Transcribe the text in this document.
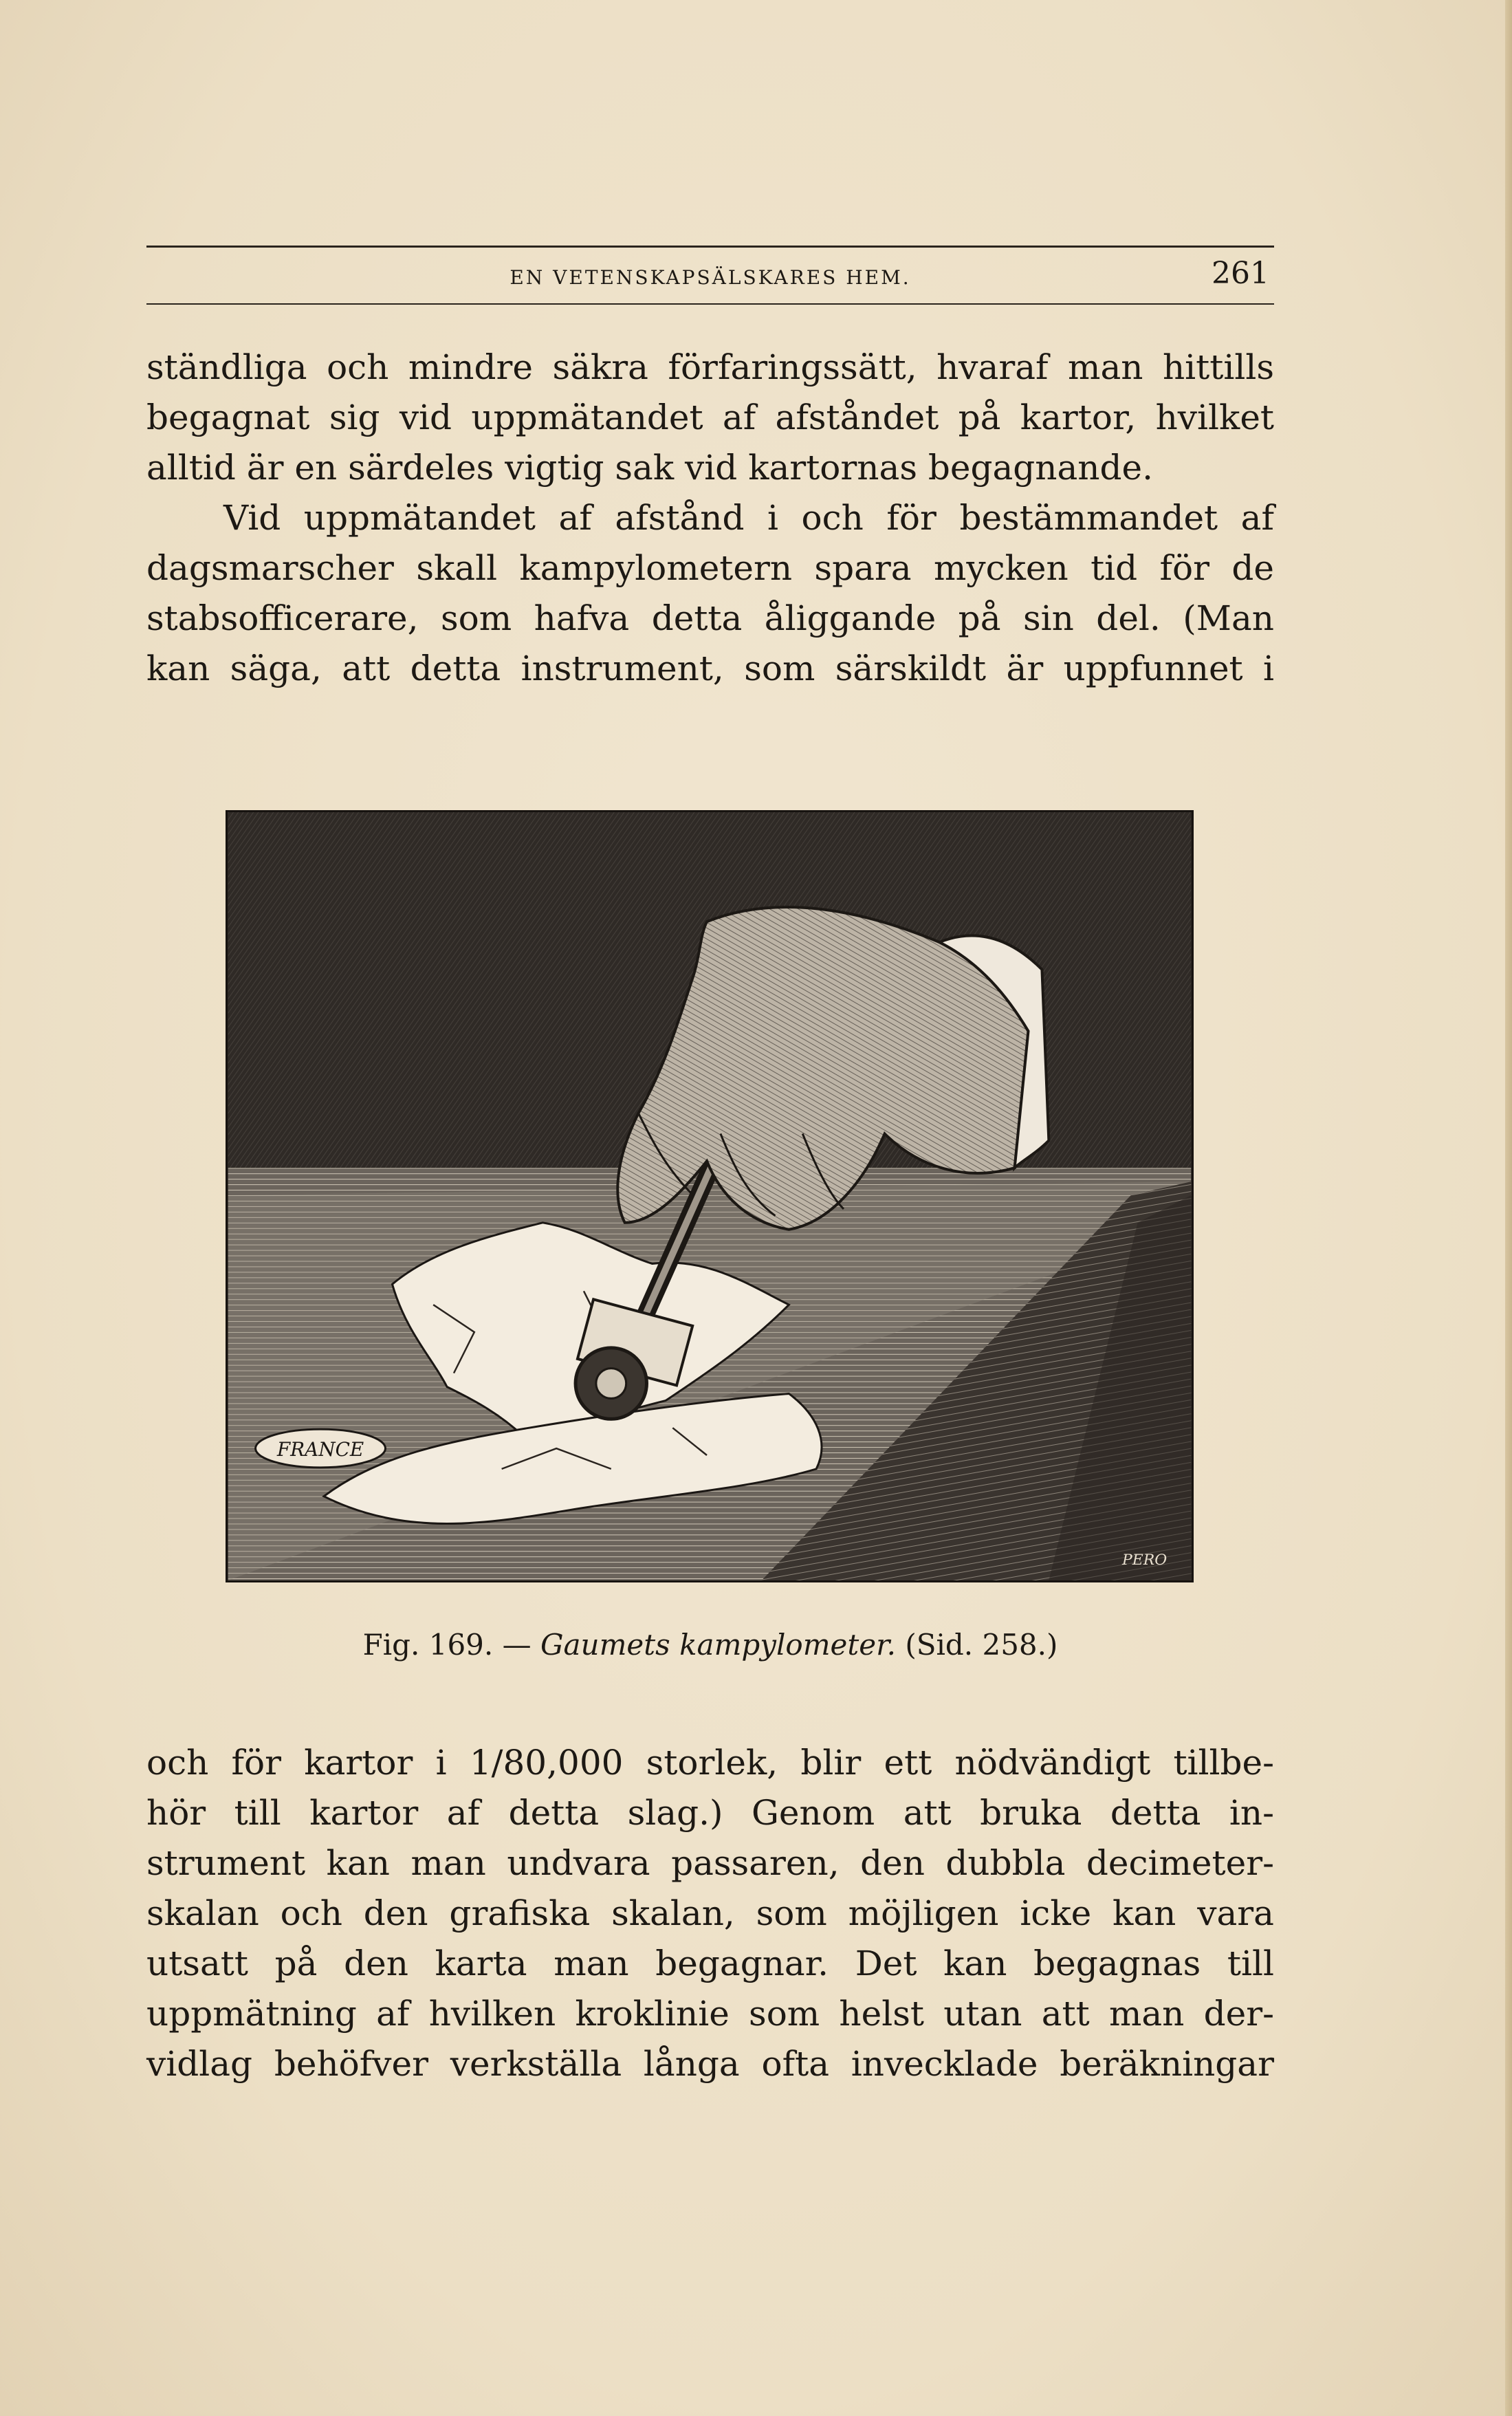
EN VETENSKAPSÄLSKARES HEM.	261
ständliga och mindre säkra förfaringssätt, hvaraf man hittills
begagnat sig vid uppmätandet af afståndet på kartor, hvilket
alltid är en särdeles vigtig sak vid kartornas begagnande.
Vid uppmätandet af afstånd i och för bestämmandet af
dagsmarscher skall kampylometern spara mycken tid för de
stabsofficerare, som hafva detta åliggande på sin del. (Man
kan säga, att detta instrument, som särskildt är uppfunnet i
FRANCE
PERO
Fig. 169. — Gaumets kampylometer. (Sid. 258.)
och för kartor i 1/80,000 storlek, blir ett nödvändigt tillbe-
hör till kartor af detta slag.) Genom att bruka detta in-
strument kan man undvara passaren, den dubbla decimeter-
skalan och den grafiska skalan, som möjligen icke kan vara
utsatt på den karta man begagnar. Det kan begagnas till
uppmätning af hvilken kroklinie som helst utan att man der-
vidlag behöfver verkställa långa ofta invecklade beräkningar
